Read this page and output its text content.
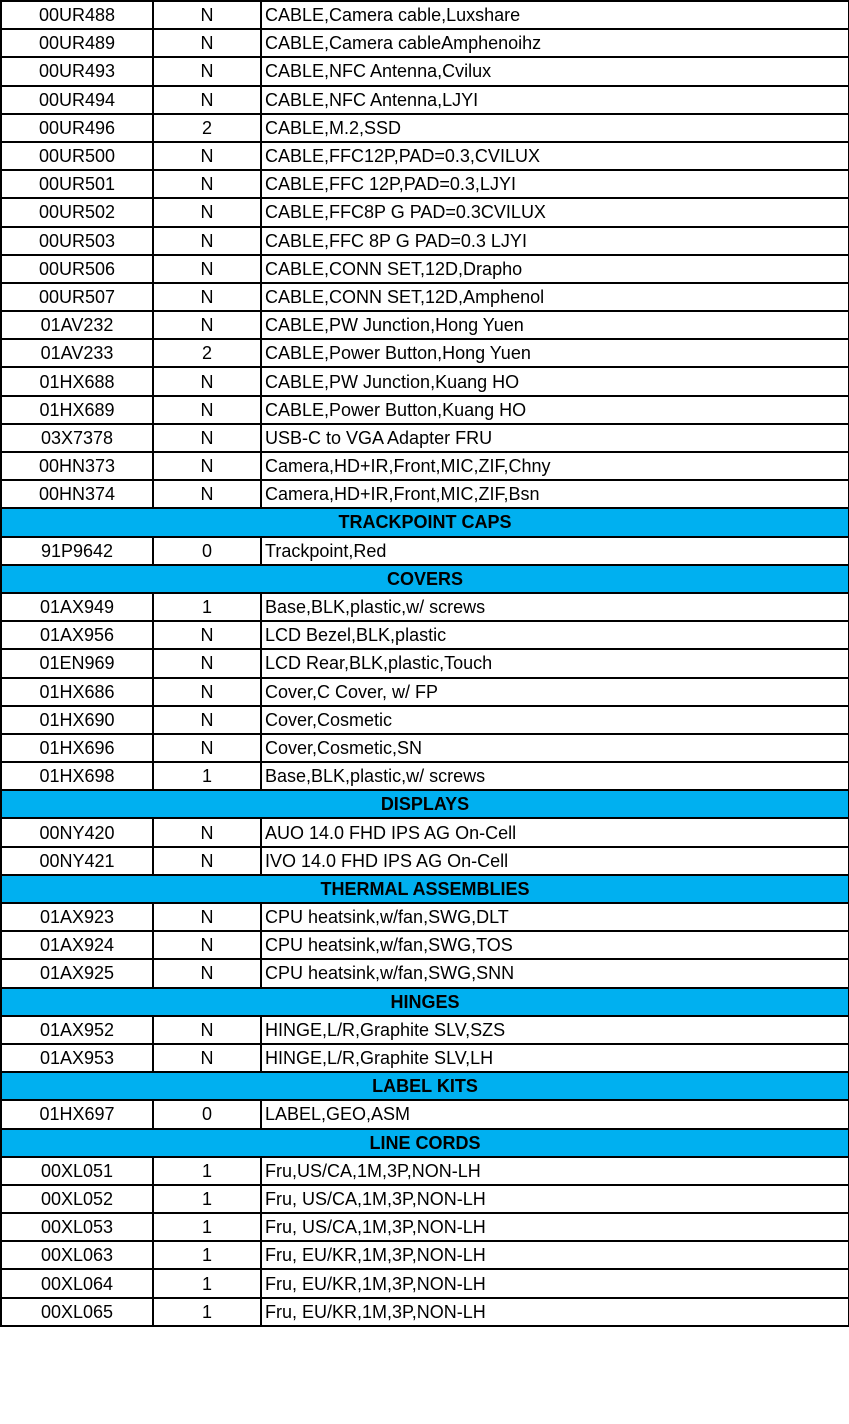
00UR488	N	CABLE,Camera cable,Luxshare
00UR489	N	CABLE,Camera cableAmphenoihz
00UR493	N	CABLE,NFC Antenna,Cvilux
00UR494	N	CABLE,NFC Antenna,LJYI
00UR496	2	CABLE,M.2,SSD
00UR500	N	CABLE,FFC12P,PAD=0.3,CVILUX
00UR501	N	CABLE,FFC 12P,PAD=0.3,LJYI
00UR502	N	CABLE,FFC8P G PAD=0.3CVILUX
00UR503	N	CABLE,FFC 8P G PAD=0.3 LJYI
00UR506	N	CABLE,CONN SET,12D,Drapho
00UR507	N	CABLE,CONN SET,12D,Amphenol
01AV232	N	CABLE,PW Junction,Hong Yuen
01AV233	2	CABLE,Power Button,Hong Yuen
01HX688	N	CABLE,PW Junction,Kuang HO
01HX689	N	CABLE,Power Button,Kuang HO
03X7378	N	USB-C to VGA Adapter FRU
00HN373	N	Camera,HD+IR,Front,MIC,ZIF,Chny
00HN374	N	Camera,HD+IR,Front,MIC,ZIF,Bsn
TRACKPOINT CAPS		
91P9642	0	Trackpoint,Red
COVERS		
01AX949	1	Base,BLK,plastic,w/ screws
01AX956	N	LCD Bezel,BLK,plastic
01EN969	N	LCD Rear,BLK,plastic,Touch
01HX686	N	Cover,C Cover, w/ FP
01HX690	N	Cover,Cosmetic
01HX696	N	Cover,Cosmetic,SN
01HX698	1	Base,BLK,plastic,w/ screws
DISPLAYS		
00NY420	N	AUO 14.0 FHD IPS AG On-Cell
00NY421	N	IVO 14.0 FHD IPS AG On-Cell
THERMAL ASSEMBLIES		
01AX923	N	CPU heatsink,w/fan,SWG,DLT
01AX924	N	CPU heatsink,w/fan,SWG,TOS
01AX925	N	CPU heatsink,w/fan,SWG,SNN
HINGES		
01AX952	N	HINGE,L/R,Graphite SLV,SZS
01AX953	N	HINGE,L/R,Graphite SLV,LH
LABEL KITS		
01HX697	0	LABEL,GEO,ASM
LINE CORDS		
00XL051	1	Fru,US/CA,1M,3P,NON-LH
00XL052	1	Fru, US/CA,1M,3P,NON-LH
00XL053	1	Fru, US/CA,1M,3P,NON-LH
00XL063	1	Fru, EU/KR,1M,3P,NON-LH
00XL064	1	Fru, EU/KR,1M,3P,NON-LH
00XL065	1	Fru, EU/KR,1M,3P,NON-LH
